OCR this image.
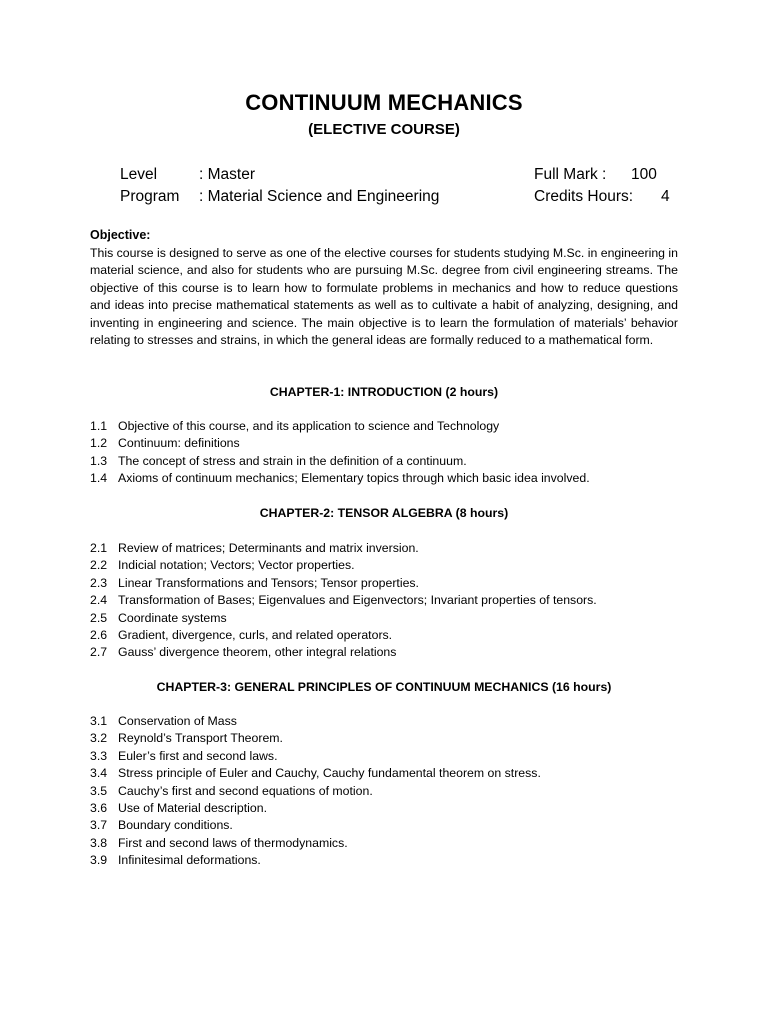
CONTINUUM MECHANICS
(ELECTIVE COURSE)
Level	: Master
Program : Material Science and Engineering
Full Mark : 100
Credits Hours: 4
Objective:
This course is designed to serve as one of the elective courses for students studying M.Sc. in engineering in material science, and also for students who are pursuing M.Sc. degree from civil engineering streams. The objective of this course is to learn how to formulate problems in mechanics and how to reduce questions and ideas into precise mathematical statements as well as to cultivate a habit of analyzing, designing, and inventing in engineering and science. The main objective is to learn the formulation of materials’ behavior relating to stresses and strains, in which the general ideas are formally reduced to a mathematical form.
CHAPTER-1: INTRODUCTION (2 hours)
1.1 Objective of this course, and its application to science and Technology
1.2 Continuum: definitions
1.3 The concept of stress and strain in the definition of a continuum.
1.4 Axioms of continuum mechanics; Elementary topics through which basic idea involved.
CHAPTER-2: TENSOR ALGEBRA (8 hours)
2.1 Review of matrices; Determinants and matrix inversion.
2.2 Indicial notation; Vectors; Vector properties.
2.3 Linear Transformations and Tensors; Tensor properties.
2.4 Transformation of Bases; Eigenvalues and Eigenvectors; Invariant properties of tensors.
2.5 Coordinate systems
2.6 Gradient, divergence, curls, and related operators.
2.7 Gauss’ divergence theorem, other integral relations
CHAPTER-3: GENERAL PRINCIPLES OF CONTINUUM MECHANICS (16 hours)
3.1 Conservation of Mass
3.2 Reynold’s Transport Theorem.
3.3 Euler’s first and second laws.
3.4 Stress principle of Euler and Cauchy, Cauchy fundamental theorem on stress.
3.5 Cauchy’s first and second equations of motion.
3.6 Use of Material description.
3.7 Boundary conditions.
3.8 First and second laws of thermodynamics.
3.9 Infinitesimal deformations.
